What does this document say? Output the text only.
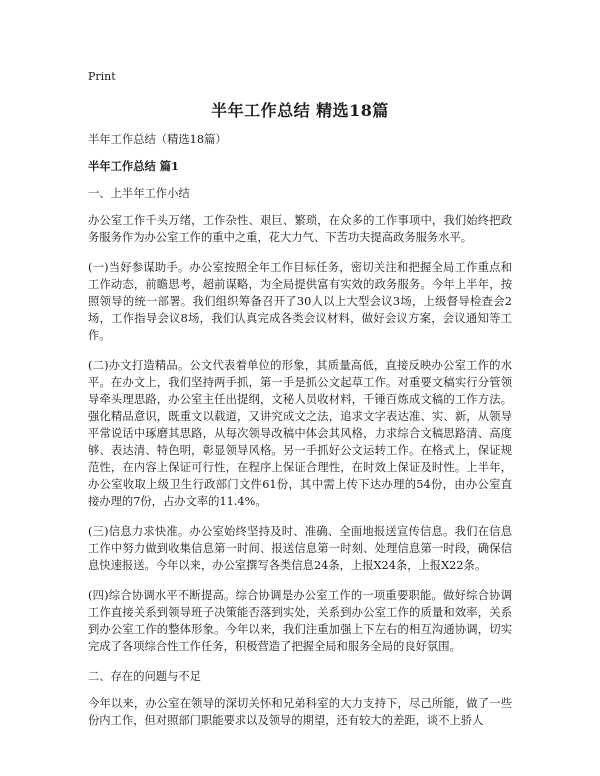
Print
半年工作总结 精选18篇

半年工作总结（精选18篇）

半年工作总结 篇1

一、上半年工作小结

办公室工作千头万绪，工作杂性、艰巨、繁琐，在众多的工作事项中，我们始终把政务服务作为办公室工作的重中之重，花大力气、下苦功夫提高政务服务水平。

(一)当好参谋助手。办公室按照全年工作目标任务，密切关注和把握全局工作重点和工作动态，前瞻思考，超前谋略，为全局提供富有实效的政务服务。今年上半年，按照领导的统一部署。我们组织筹备召开了30人以上大型会议3场，上级督导检查会2场，工作指导会议8场，我们认真完成各类会议材料，做好会议方案，会议通知等工作。

(二)办文打造精品。公文代表着单位的形象，其质量高低，直接反映办公室工作的水平。在办文上，我们坚持两手抓，第一手是抓公文起草工作。对重要文稿实行分管领导牵头理思路，办公室主任出提纲，文秘人员收材料，千锤百炼成文稿的工作方法。强化精品意识，既重文以载道，又讲究成文之法，追求文字表达准、实、新，从领导平常说话中琢磨其思路，从每次领导改稿中体会其风格，力求综合文稿思路清、高度够、表达清、特色明，彰显领导风格。另一手抓好公文运转工作。在格式上，保证规范性，在内容上保证可行性，在程序上保证合理性，在时效上保证及时性。上半年，办公室收取上级卫生行政部门文件61份，其中需上传下达办理的54份，由办公室直接办理的7份，占办文率的11.4%。

(三)信息力求快准。办公室始终坚持及时、准确、全面地报送宣传信息。我们在信息工作中努力做到收集信息第一时间、报送信息第一时刻、处理信息第一时段，确保信息快速报送。今年以来，办公室撰写各类信息24条，上报X24条，上报X22条。

(四)综合协调水平不断提高。综合协调是办公室工作的一项重要职能。做好综合协调工作直接关系到领导班子决策能否落到实处，关系到办公室工作的质量和效率，关系到办公室工作的整体形象。今年以来，我们注重加强上下左右的相互沟通协调，切实完成了各项综合性工作任务，积极营造了把握全局和服务全局的良好氛围。

二、存在的问题与不足

今年以来，办公室在领导的深切关怀和兄弟科室的大力支持下，尽己所能，做了一些份内工作，但对照部门职能要求以及领导的期望，还有较大的差距，谈不上骄人
